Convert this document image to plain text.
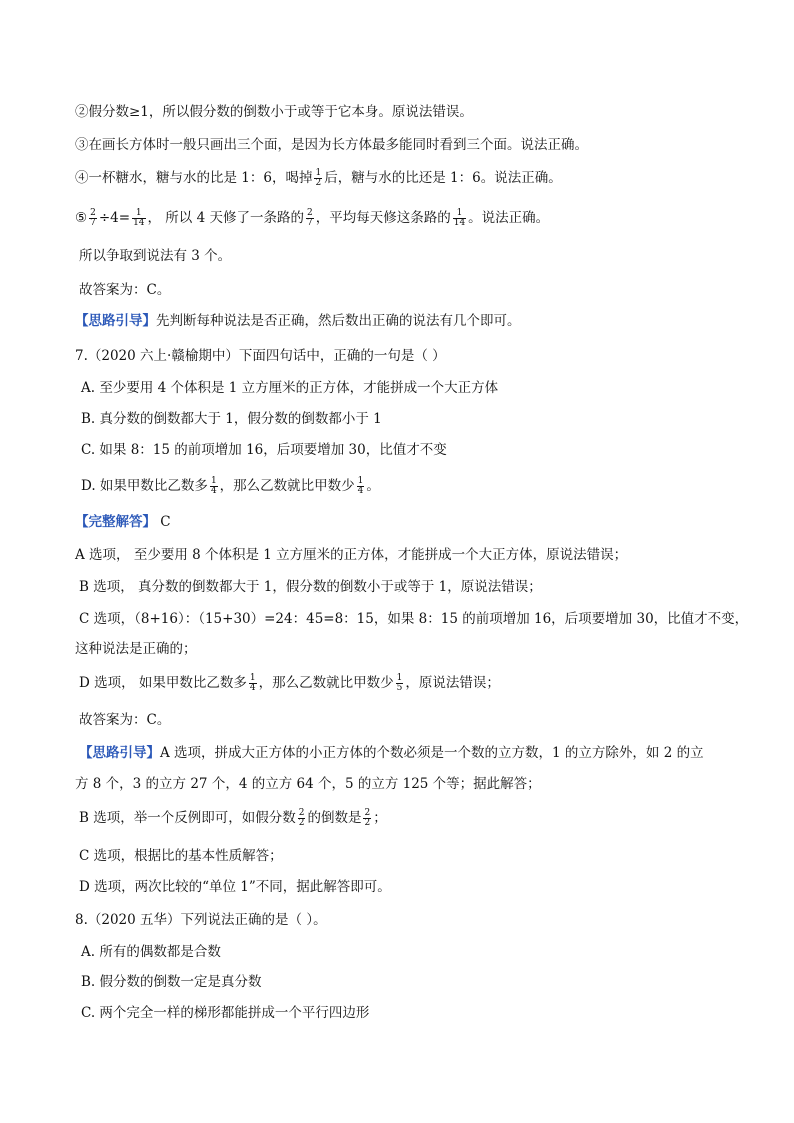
②假分数≥1，所以假分数的倒数小于或等于它本身。原说法错误。
③在画长方体时一般只画出三个面，是因为长方体最多能同时看到三个面。说法正确。
④一杯糖水，糖与水的比是 1：6，喝掉 $\frac{1}{2}$ 后，糖与水的比还是 1：6。说法正确。
⑤ $\frac{2}{7} \div 4= \frac{1}{14}$ ， 所以 4 天修了一条路的 $\frac{2}{7}$ ，平均每天修这条路的 $\frac{1}{14}$ 。说法正确。
所以争取到说法有 3 个。
故答案为：C。
【思路引导】先判断每种说法是否正确，然后数出正确的说法有几个即可。
7.（2020 六上·赣榆期中）下面四句话中，正确的一句是（ ）
A. 至少要用 4 个体积是 1 立方厘米的正方体，才能拼成一个大正方体
B. 真分数的倒数都大于 1，假分数的倒数都小于 1
C. 如果 8：15 的前项增加 16，后项要增加 30，比值才不变
D. 如果甲数比乙数多 $\frac{1}{4}$ ，那么乙数就比甲数少 $\frac{1}{4}$ 。
【完整解答】 C
A 选项， 至少要用 8 个体积是 1 立方厘米的正方体，才能拼成一个大正方体，原说法错误；
B 选项， 真分数的倒数都大于 1，假分数的倒数小于或等于 1，原说法错误；
C 选项，（8+16）：（15+30）=24：45=8：15，如果 8：15 的前项增加 16，后项要增加 30，比值才不变，
这种说法是正确的；
D 选项， 如果甲数比乙数多 $\frac{1}{4}$ ，那么乙数就比甲数少 $\frac{1}{5}$ ，原说法错误；
故答案为：C。
【思路引导】A 选项，拼成大正方体的小正方体的个数必须是一个数的立方数，1 的立方除外，如 2 的立
方 8 个，3 的立方 27 个，4 的立方 64 个，5 的立方 125 个等；据此解答；
B 选项，举一个反例即可，如假分数 $\frac{2}{2}$ 的倒数是 $\frac{2}{2}$ ；
C 选项，根据比的基本性质解答；
D 选项，两次比较的“单位 1”不同，据此解答即可。
8.（2020 五华）下列说法正确的是（ ）。
A. 所有的偶数都是合数
B. 假分数的倒数一定是真分数
C. 两个完全一样的梯形都能拼成一个平行四边形
